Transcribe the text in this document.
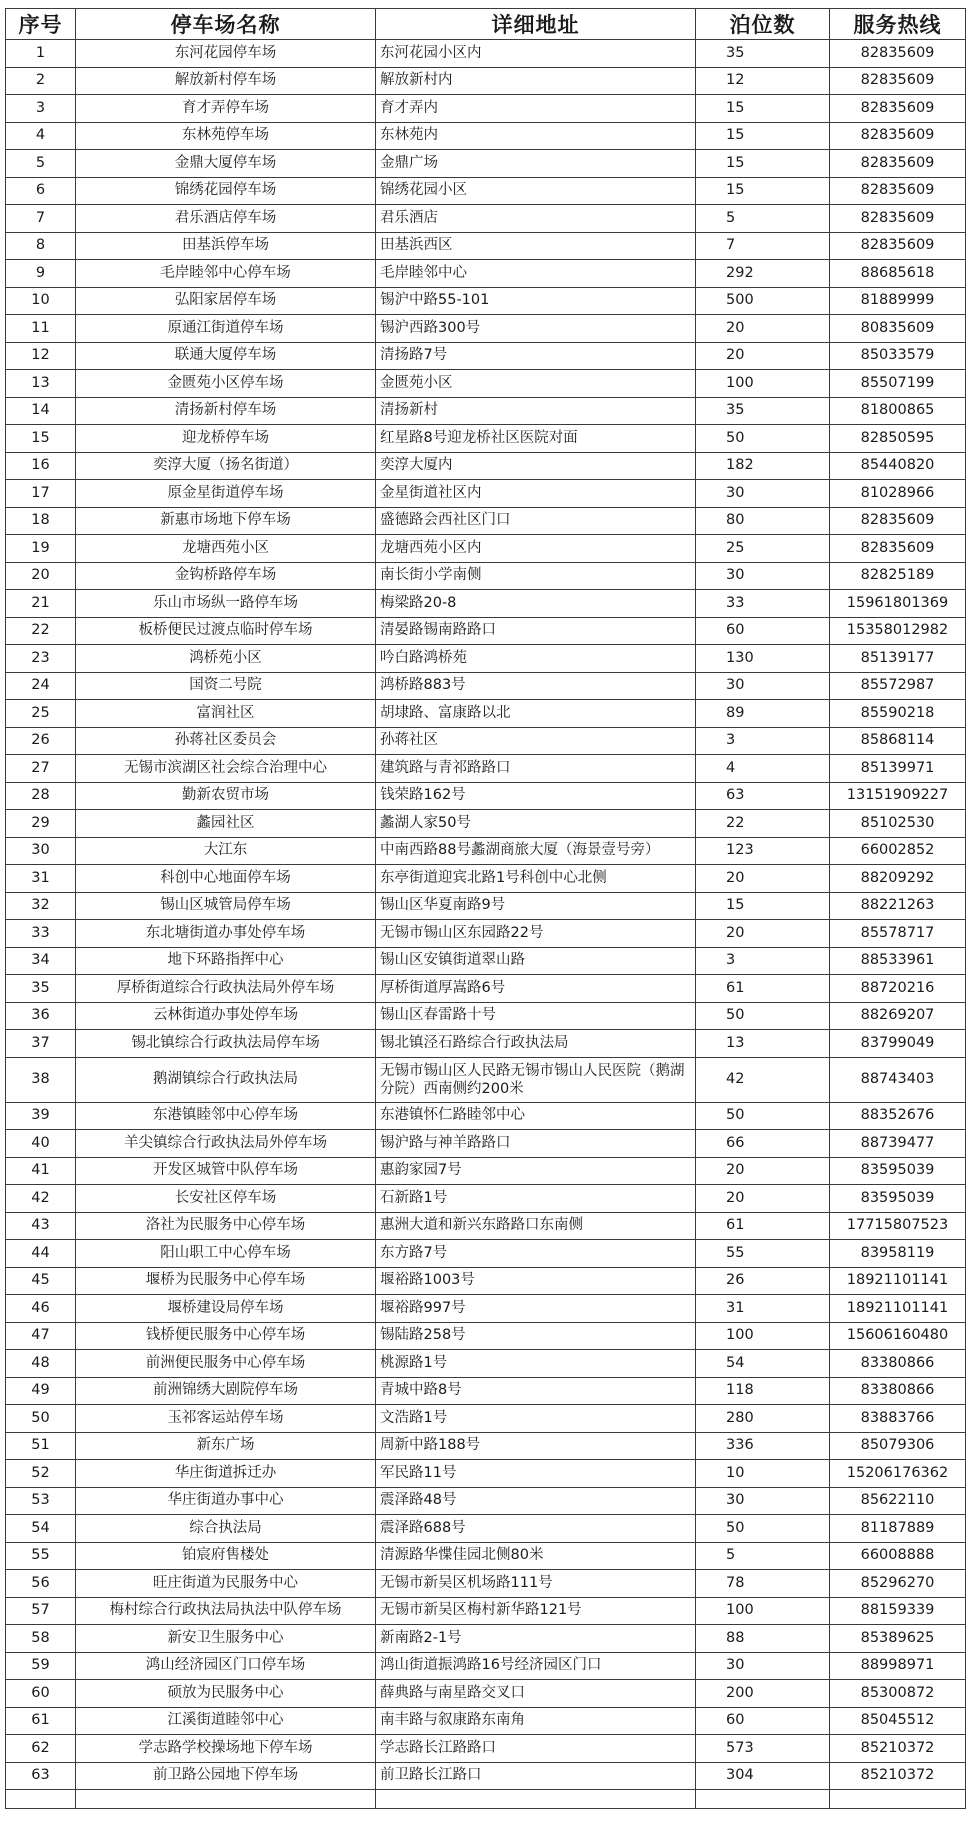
序号	停车场名称	详细地址	泊位数	服务热线
1	东河花园停车场	东河花园小区内	35	82835609
2	解放新村停车场	解放新村内	12	82835609
3	育才弄停车场	育才弄内	15	82835609
4	东林苑停车场	东林苑内	15	82835609
5	金鼎大厦停车场	金鼎广场	15	82835609
6	锦绣花园停车场	锦绣花园小区	15	82835609
7	君乐酒店停车场	君乐酒店	5	82835609
8	田基浜停车场	田基浜西区	7	82835609
9	毛岸睦邻中心停车场	毛岸睦邻中心	292	88685618
10	弘阳家居停车场	锡沪中路55-101	500	81889999
11	原通江街道停车场	锡沪西路300号	20	80835609
12	联通大厦停车场	清扬路7号	20	85033579
13	金匮苑小区停车场	金匮苑小区	100	85507199
14	清扬新村停车场	清扬新村	35	81800865
15	迎龙桥停车场	红星路8号迎龙桥社区医院对面	50	82850595
16	奕淳大厦（扬名街道）	奕淳大厦内	182	85440820
17	原金星街道停车场	金星街道社区内	30	81028966
18	新惠市场地下停车场	盛德路会西社区门口	80	82835609
19	龙塘西苑小区	龙塘西苑小区内	25	82835609
20	金钩桥路停车场	南长街小学南侧	30	82825189
21	乐山市场纵一路停车场	梅梁路20-8	33	15961801369
22	板桥便民过渡点临时停车场	清晏路锡南路路口	60	15358012982
23	鸿桥苑小区	吟白路鸿桥苑	130	85139177
24	国资二号院	鸿桥路883号	30	85572987
25	富润社区	胡埭路、富康路以北	89	85590218
26	孙蒋社区委员会	孙蒋社区	3	85868114
27	无锡市滨湖区社会综合治理中心	建筑路与青祁路路口	4	85139971
28	勤新农贸市场	钱荣路162号	63	13151909227
29	蠡园社区	蠡湖人家50号	22	85102530
30	大江东	中南西路88号蠡湖商旅大厦（海景壹号旁）	123	66002852
31	科创中心地面停车场	东亭街道迎宾北路1号科创中心北侧	20	88209292
32	锡山区城管局停车场	锡山区华夏南路9号	15	88221263
33	东北塘街道办事处停车场	无锡市锡山区东园路22号	20	85578717
34	地下环路指挥中心	锡山区安镇街道翠山路	3	88533961
35	厚桥街道综合行政执法局外停车场	厚桥街道厚嵩路6号	61	88720216
36	云林街道办事处停车场	锡山区春雷路十号	50	88269207
37	锡北镇综合行政执法局停车场	锡北镇泾石路综合行政执法局	13	83799049
38	鹅湖镇综合行政执法局	无锡市锡山区人民路无锡市锡山人民医院（鹅湖分院）西南侧约200米	42	88743403
39	东港镇睦邻中心停车场	东港镇怀仁路睦邻中心	50	88352676
40	羊尖镇综合行政执法局外停车场	锡沪路与神羊路路口	66	88739477
41	开发区城管中队停车场	惠韵家园7号	20	83595039
42	长安社区停车场	石新路1号	20	83595039
43	洛社为民服务中心停车场	惠洲大道和新兴东路路口东南侧	61	17715807523
44	阳山职工中心停车场	东方路7号	55	83958119
45	堰桥为民服务中心停车场	堰裕路1003号	26	18921101141
46	堰桥建设局停车场	堰裕路997号	31	18921101141
47	钱桥便民服务中心停车场	锡陆路258号	100	15606160480
48	前洲便民服务中心停车场	桃源路1号	54	83380866
49	前洲锦绣大剧院停车场	青城中路8号	118	83380866
50	玉祁客运站停车场	文浩路1号	280	83883766
51	新东广场	周新中路188号	336	85079306
52	华庄街道拆迁办	军民路11号	10	15206176362
53	华庄街道办事中心	震泽路48号	30	85622110
54	综合执法局	震泽路688号	50	81187889
55	铂宸府售楼处	清源路华惵佳园北侧80米	5	66008888
56	旺庄街道为民服务中心	无锡市新吴区机场路111号	78	85296270
57	梅村综合行政执法局执法中队停车场	无锡市新吴区梅村新华路121号	100	88159339
58	新安卫生服务中心	新南路2-1号	88	85389625
59	鸿山经济园区门口停车场	鸿山街道振鸿路16号经济园区门口	30	88998971
60	硕放为民服务中心	薛典路与南星路交叉口	200	85300872
61	江溪街道睦邻中心	南丰路与叙康路东南角	60	85045512
62	学志路学校操场地下停车场	学志路长江路路口	573	85210372
63	前卫路公园地下停车场	前卫路长江路口	304	85210372
